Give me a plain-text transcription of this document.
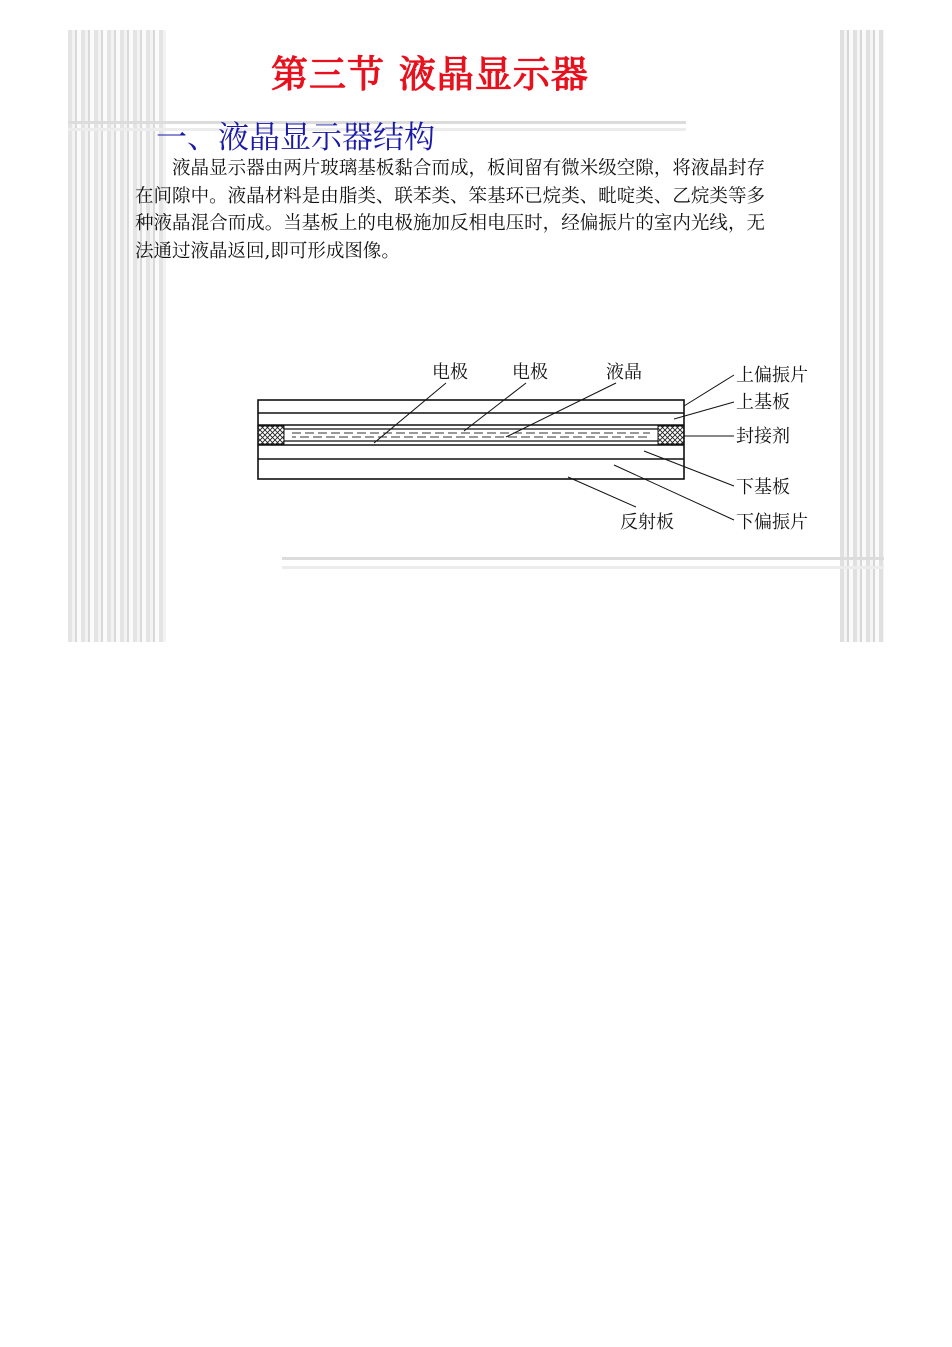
第三节 液晶显示器
一、液晶显示器结构

液晶显示器由两片玻璃基板黏合而成，板间留有微米级空隙，将液晶封存在间隙中。液晶材料是由脂类、联苯类、笨基环已烷类、毗啶类、乙烷类等多种液晶混合而成。当基板上的电极施加反相电压时，经偏振片的室内光线，无法通过液晶返回,即可形成图像。

电极 电极	液晶	上偏振片
上基板
封接剂
下基板
反射板	下偏振片
